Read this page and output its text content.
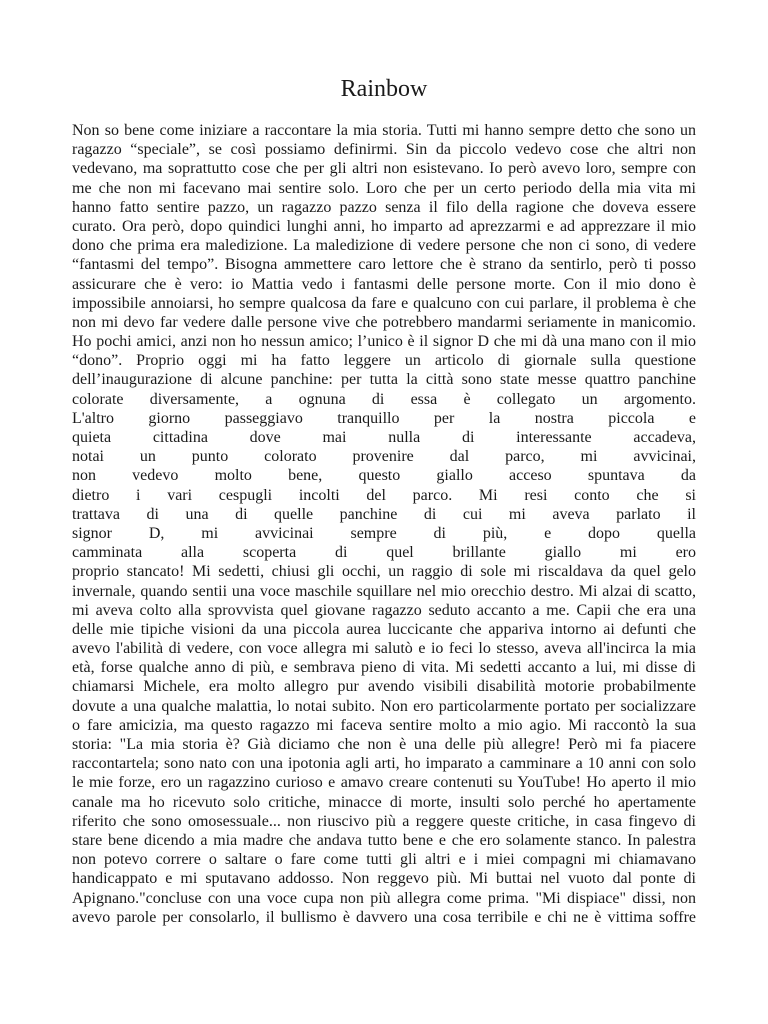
Rainbow
Non so bene come iniziare a raccontare la mia storia. Tutti mi hanno sempre detto che sono un
ragazzo “speciale”, se così possiamo definirmi. Sin da piccolo vedevo cose che altri non
vedevano, ma soprattutto cose che per gli altri non esistevano. Io però avevo loro, sempre con
me che non mi facevano mai sentire solo. Loro che per un certo periodo della mia vita mi
hanno fatto sentire pazzo, un ragazzo pazzo senza il filo della ragione che doveva essere
curato. Ora però, dopo quindici lunghi anni, ho imparto ad aprezzarmi e ad apprezzare il mio
dono che prima era maledizione. La maledizione di vedere persone che non ci sono, di vedere
“fantasmi del tempo”. Bisogna ammettere caro lettore che è strano da sentirlo, però ti posso
assicurare che è vero: io Mattia vedo i fantasmi delle persone morte. Con il mio dono è
impossibile annoiarsi, ho sempre qualcosa da fare e qualcuno con cui parlare, il problema è che
non mi devo far vedere dalle persone vive che potrebbero mandarmi seriamente in manicomio.
Ho pochi amici, anzi non ho nessun amico; l’unico è il signor D che mi dà una mano con il mio
“dono”. Proprio oggi mi ha fatto leggere un articolo di giornale sulla questione
dell’inaugurazione di alcune panchine: per tutta la città sono state messe quattro panchine
colorate diversamente, a ognuna di essa è collegato un argomento.
L'altro giorno passeggiavo tranquillo per la nostra piccola e
quieta cittadina dove mai nulla di interessante accadeva,
notai un punto colorato provenire dal parco, mi avvicinai,
non vedevo molto bene, questo giallo acceso spuntava da
dietro i vari cespugli incolti del parco. Mi resi conto che si
trattava di una di quelle panchine di cui mi aveva parlato il
signor D, mi avvicinai sempre di più, e dopo quella
camminata alla scoperta di quel brillante giallo mi ero
proprio stancato! Mi sedetti, chiusi gli occhi, un raggio di sole mi riscaldava da quel gelo
invernale, quando sentii una voce maschile squillare nel mio orecchio destro. Mi alzai di scatto,
mi aveva colto alla sprovvista quel giovane ragazzo seduto accanto a me. Capii che era una
delle mie tipiche visioni da una piccola aurea luccicante che appariva intorno ai defunti che
avevo l'abilità di vedere, con voce allegra mi salutò e io feci lo stesso, aveva all'incirca la mia
età, forse qualche anno di più, e sembrava pieno di vita. Mi sedetti accanto a lui, mi disse di
chiamarsi Michele, era molto allegro pur avendo visibili disabilità motorie probabilmente
dovute a una qualche malattia, lo notai subito. Non ero particolarmente portato per socializzare
o fare amicizia, ma questo ragazzo mi faceva sentire molto a mio agio. Mi raccontò la sua
storia: "La mia storia è? Già diciamo che non è una delle più allegre! Però mi fa piacere
raccontartela; sono nato con una ipotonia agli arti, ho imparato a camminare a 10 anni con solo
le mie forze, ero un ragazzino curioso e amavo creare contenuti su YouTube! Ho aperto il mio
canale ma ho ricevuto solo critiche, minacce di morte, insulti solo perché ho apertamente
riferito che sono omosessuale... non riuscivo più a reggere queste critiche, in casa fingevo di
stare bene dicendo a mia madre che andava tutto bene e che ero solamente stanco. In palestra
non potevo correre o saltare o fare come tutti gli altri e i miei compagni mi chiamavano
handicappato e mi sputavano addosso. Non reggevo più. Mi buttai nel vuoto dal ponte di
Apignano."concluse con una voce cupa non più allegra come prima. "Mi dispiace" dissi, non
avevo parole per consolarlo, il bullismo è davvero una cosa terribile e chi ne è vittima soffre
